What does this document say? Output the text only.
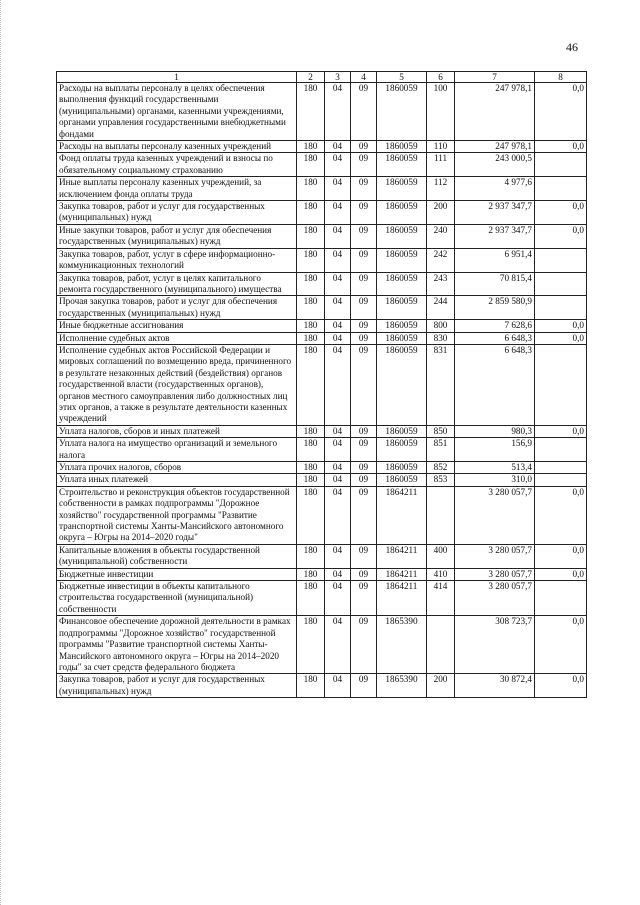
46
1	2	3	4	5	6	7	8
Расходы на выплаты персоналу в целях обеспечения выполнения функций государственными (муниципальными) органами, казенными учреждениями, органами управления государственными внебюджетными фондами	180	04	09	1860059	100	247 978,1	0,0
Расходы на выплаты персоналу казенных учреждений	180	04	09	1860059	110	247 978,1	0,0
Фонд оплаты труда казенных учреждений и взносы по обязательному социальному страхованию	180	04	09	1860059	111	243 000,5	
Иные выплаты персоналу казенных учреждений, за исключением фонда оплаты труда	180	04	09	1860059	112	4 977,6	
Закупка товаров, работ и услуг для государственных (муниципальных) нужд	180	04	09	1860059	200	2 937 347,7	0,0
Иные закупки товаров, работ и услуг для обеспечения государственных (муниципальных) нужд	180	04	09	1860059	240	2 937 347,7	0,0
Закупка товаров, работ, услуг в сфере информационно-коммуникационных технологий	180	04	09	1860059	242	6 951,4	
Закупка товаров, работ, услуг в целях капитального ремонта государственного (муниципального) имущества	180	04	09	1860059	243	70 815,4	
Прочая закупка товаров, работ и услуг для обеспечения государственных (муниципальных) нужд	180	04	09	1860059	244	2 859 580,9	
Иные бюджетные ассигнования	180	04	09	1860059	800	7 628,6	0,0
Исполнение судебных актов	180	04	09	1860059	830	6 648,3	0,0
Исполнение судебных актов Российской Федерации и мировых соглашений по возмещению вреда, причиненного в результате незаконных действий (бездействия) органов государственной власти (государственных органов), органов местного самоуправления либо должностных лиц этих органов, а также в результате деятельности казенных учреждений	180	04	09	1860059	831	6 648,3	
Уплата налогов, сборов и иных платежей	180	04	09	1860059	850	980,3	0,0
Уплата налога на имущество организаций и земельного налога	180	04	09	1860059	851	156,9	
Уплата прочих налогов, сборов	180	04	09	1860059	852	513,4	
Уплата иных платежей	180	04	09	1860059	853	310,0	
Строительство и реконструкция объектов государственной собственности в рамках подпрограммы "Дорожное хозяйство" государственной программы "Развитие транспортной системы Ханты-Мансийского автономного округа – Югры на 2014–2020 годы"	180	04	09	1864211		3 280 057,7	0,0
Капитальные вложения в объекты государственной (муниципальной) собственности	180	04	09	1864211	400	3 280 057,7	0,0
Бюджетные инвестиции	180	04	09	1864211	410	3 280 057,7	0,0
Бюджетные инвестиции в объекты капитального строительства государственной (муниципальной) собственности	180	04	09	1864211	414	3 280 057,7	
Финансовое обеспечение дорожной деятельности в рамках подпрограммы "Дорожное хозяйство" государственной программы "Развитие транспортной системы Ханты-Мансийского автономного округа – Югры на 2014–2020 годы" за счет средств федерального бюджета	180	04	09	1865390		308 723,7	0,0
Закупка товаров, работ и услуг для государственных (муниципальных) нужд	180	04	09	1865390	200	30 872,4	0,0
